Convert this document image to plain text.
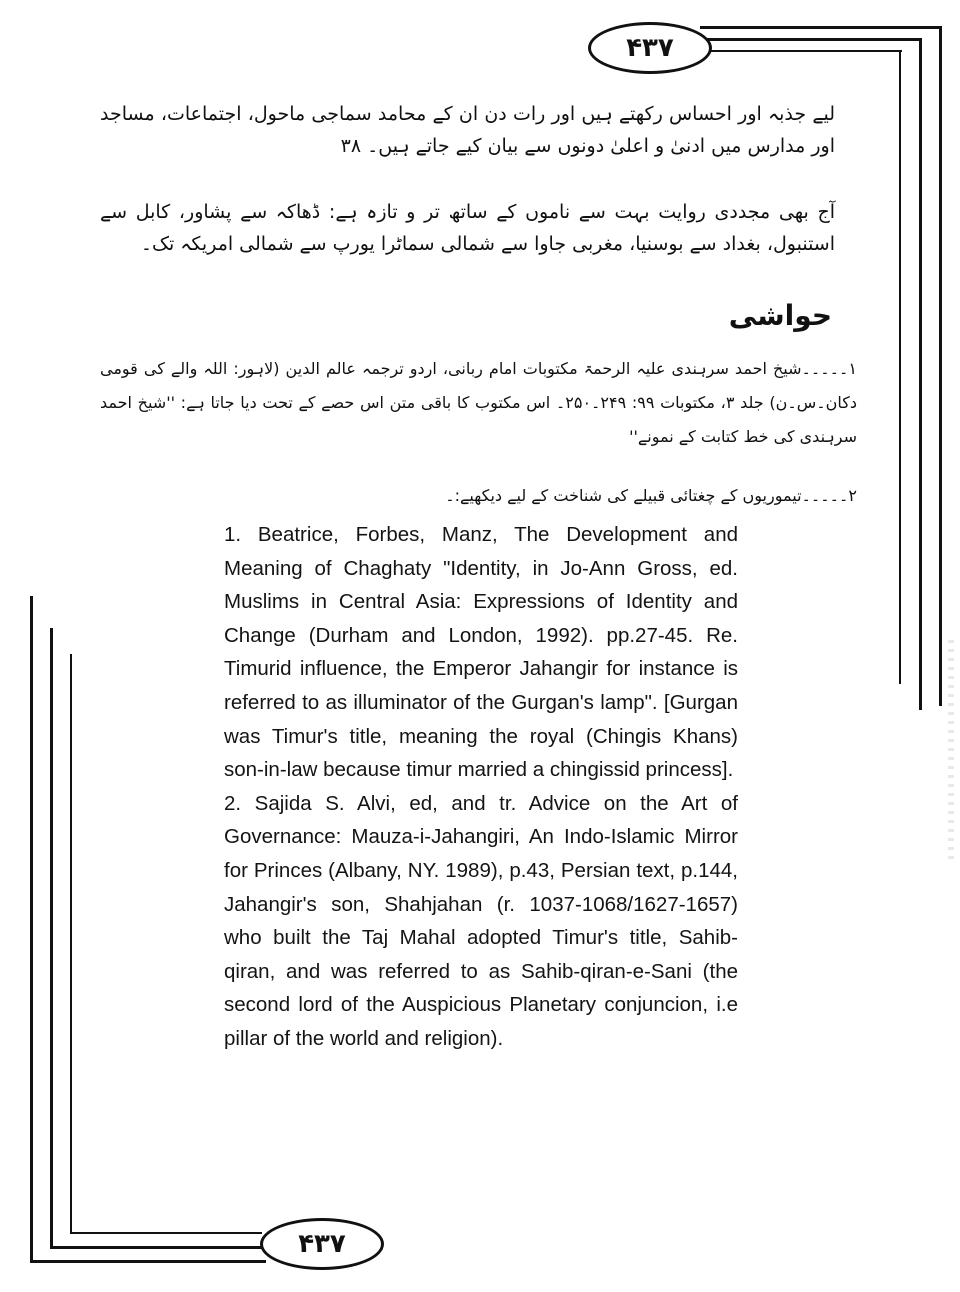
۴۳۷
۴۳۷
لیے جذبہ اور احساس رکھتے ہیں اور رات دن ان کے محامد سماجی ماحول، اجتماعات، مساجد اور مدارس میں ادنیٰ و اعلیٰ دونوں سے بیان کیے جاتے ہیں۔ ۳۸
آج بھی مجددی روایت بہت سے ناموں کے ساتھ تر و تازہ ہے: ڈھاکہ سے پشاور، کابل سے استنبول، بغداد سے بوسنیا، مغربی جاوا سے شمالی سماٹرا یورپ سے شمالی امریکہ تک۔
حواشی
۱۔۔۔۔۔شیخ احمد سرہندی علیہ الرحمۃ مکتوبات امام ربانی، اردو ترجمہ عالم الدین (لاہور: اللہ والے کی قومی دکان۔س۔ن) جلد ۳، مکتوبات ۹۹: ۲۴۹۔۲۵۰۔ اس مکتوب کا باقی متن اس حصے کے تحت دیا جاتا ہے: ''شیخ احمد سرہندی کی خط کتابت کے نمونے''
۲۔۔۔۔۔تیموریوں کے چغتائی قبیلے کی شناخت کے لیے دیکھیے:۔

1. Beatrice, Forbes, Manz, The Development and Meaning of Chaghaty "Identity, in Jo-Ann Gross, ed. Muslims in Central Asia: Expressions of Identity and Change (Durham and London, 1992). pp.27-45. Re. Timurid influence, the Emperor Jahangir for instance is referred to as illuminator of the Gurgan's lamp". [Gurgan was Timur's title, meaning the royal (Chingis Khans) son-in-law because timur married a chingissid princess].

2. Sajida S. Alvi, ed, and tr. Advice on the Art of Governance: Mauza-i-Jahangiri, An Indo-Islamic Mirror for Princes (Albany, NY. 1989), p.43, Persian text, p.144, Jahangir's son, Shahjahan (r. 1037-1068/1627-1657) who built the Taj Mahal adopted Timur's title, Sahib-qiran, and was referred to as Sahib-qiran-e-Sani (the second lord of the Auspicious Planetary conjuncion, i.e pillar of the world and religion).
